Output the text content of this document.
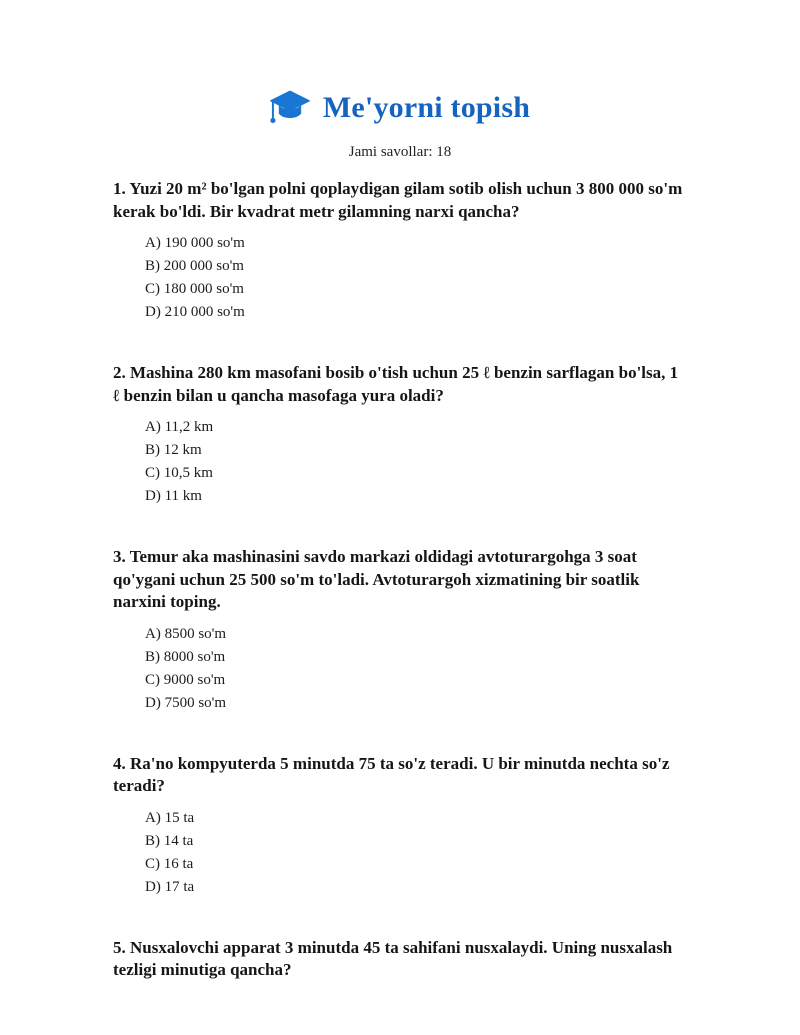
Me'yorni topish

Jami savollar: 18

1. Yuzi 20 m² bo'lgan polni qoplaydigan gilam sotib olish uchun 3 800 000 so'm kerak bo'ldi. Bir kvadrat metr gilamning narxi qancha?

A) 190 000 so'm
B) 200 000 so'm
C) 180 000 so'm
D) 210 000 so'm

2. Mashina 280 km masofani bosib o'tish uchun 25 ℓ benzin sarflagan bo'lsa, 1 ℓ benzin bilan u qancha masofaga yura oladi?

A) 11,2 km
B) 12 km
C) 10,5 km
D) 11 km

3. Temur aka mashinasini savdo markazi oldidagi avtoturargohga 3 soat qo'ygani uchun 25 500 so'm to'ladi. Avtoturargoh xizmatining bir soatlik narxini toping.

A) 8500 so'm
B) 8000 so'm
C) 9000 so'm
D) 7500 so'm

4. Ra'no kompyuterda 5 minutda 75 ta so'z teradi. U bir minutda nechta so'z teradi?

A) 15 ta
B) 14 ta
C) 16 ta
D) 17 ta

5. Nusxalovchi apparat 3 minutda 45 ta sahifani nusxalaydi. Uning nusxalash tezligi minutiga qancha?
